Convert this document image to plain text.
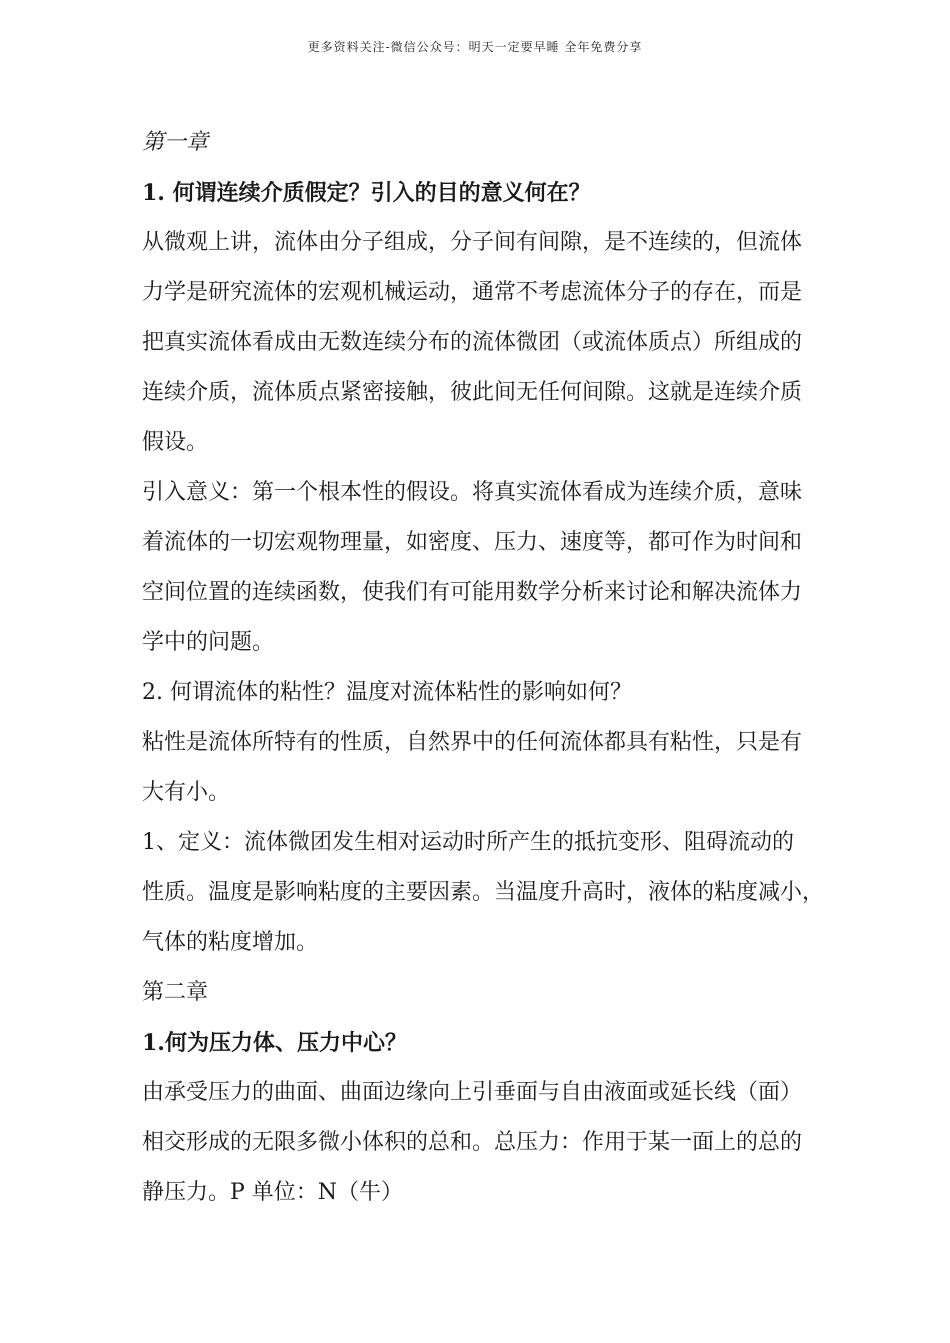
更多资料关注-微信公众号：明天一定要早睡 全年免费分享
第一章
1. 何谓连续介质假定？引入的目的意义何在？
从微观上讲，流体由分子组成，分子间有间隙，是不连续的，但流体
力学是研究流体的宏观机械运动，通常不考虑流体分子的存在，而是
把真实流体看成由无数连续分布的流体微团（或流体质点）所组成的
连续介质，流体质点紧密接触，彼此间无任何间隙。这就是连续介质
假设。
引入意义：第一个根本性的假设。将真实流体看成为连续介质，意味
着流体的一切宏观物理量，如密度、压力、速度等，都可作为时间和
空间位置的连续函数，使我们有可能用数学分析来讨论和解决流体力
学中的问题。
2. 何谓流体的粘性？温度对流体粘性的影响如何？
粘性是流体所特有的性质，自然界中的任何流体都具有粘性，只是有
大有小。
1、定义：流体微团发生相对运动时所产生的抵抗变形、阻碍流动的
性质。温度是影响粘度的主要因素。当温度升高时，液体的粘度减小，
气体的粘度增加。
第二章
1.何为压力体、压力中心？
由承受压力的曲面、曲面边缘向上引垂面与自由液面或延长线（面）
相交形成的无限多微小体积的总和。总压力：作用于某一面上的总的
静压力。P 单位：N（牛）
